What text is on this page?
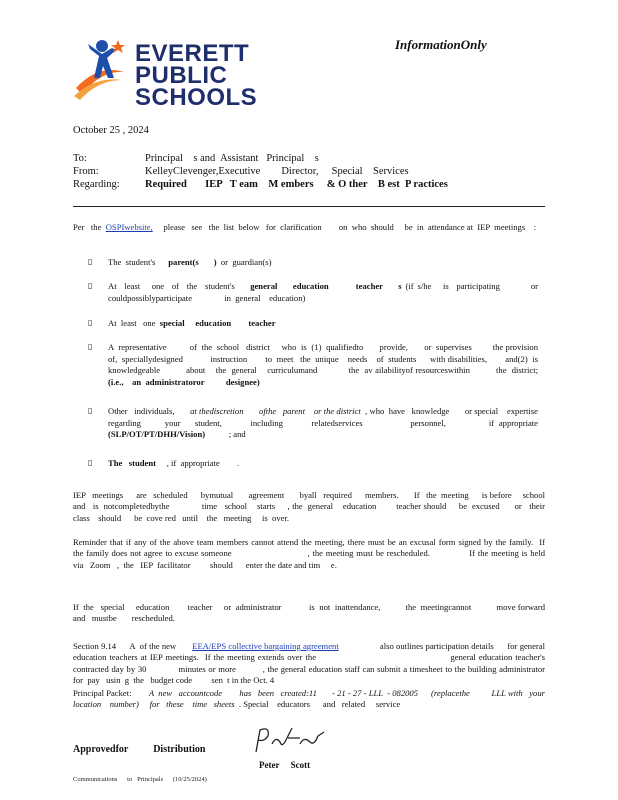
EVERETT
PUBLIC
SCHOOLS
InformationOnly
October 25 , 2024
To:	Principal    s and  Assistant   Principal    s
From:	KelleyClevenger,Executive        Director,     Special    Services
Regarding: Required       IEP   T eam    M embers     & O ther    B est  P ractices

Per   the  OSPIwebsite,     please   see   the  list  below   for  clarification        on  who  should     be  in  attendance at  IEP  meetings    :

▯ The  student's      parent(s       )  or  guardian(s)
▯ At  least   one  of  the  student's    general    education       teacher    s (if s/he   is  participating        or couldpossiblyparticipate               in  general    education)
▯ At  least   one  special     education        teacher
▯ A  representative          of  the  school   district     who  is  (1)  qualifiedto       provide,       or  supervises         the provision      of,  speciallydesigned            instruction        to  meet   the  unique    needs    of  students      with disabilities,        and(2)  is  knowledgeable          about    the  general    curriculumand            the  av ailabilityof resourceswithin          the  district;     (i.e.,    an  administratoror          designee)
▯ Other   individuals,       at thediscretion       ofthe   parent    or the district  , who  have   knowledge       or special    expertise     regarding     your   student,      including      relatedservices          personnel,         if appropriate          (SLP/OT/PT/DHH/Vision)           ; and
▯ The   student     , if  appropriate        .

IEP   meetings      are   scheduled      bymutual       agreement       byall   required      members.       If   the  meeting      is before     school     and   is  notcompletedbythe             time   school    starts     , the  general    education        teacher should     be  excused      or   their    class    should      be  cove red   until    the   meeting     is  over.

Reminder that if any of the above team members cannot attend the meeting, there must be an excusal form signed by the family.  If                           the family does not agree to excuse someone                           , the meeting must be rescheduled.              If the meeting is held              via   Zoom   ,  the   IEP  facilitator         should      enter the date and tim     e.

If  the   special     education        teacher     or  administrator            is  not  inattendance,           the  meetingcannot           move forward       and   mustbe       rescheduled.

Section 9.14      A  of the new       EEA/EPS collective bargaining agreement                  also outlines participation details      for general education teachers at IEP meetings.  If the meeting extends over the                                            general education teacher's          contracted day by 30            minutes or more          , the general education staff can submit a timesheet to the building administrator                           for  pay   usin  g  the   budget code         sen  t in the Oct. 4

Principal Packet:        A  new   accountcode        has   been   created:11       - 21 - 27 - LLL  - 082005      (replacethe          LLL with   your    location    number)     for   these    time   sheets  . Special    educators      and   related     service

Approvedfor          Distribution
Peter     Scott
Communications to   Principals (10/25/2024)
